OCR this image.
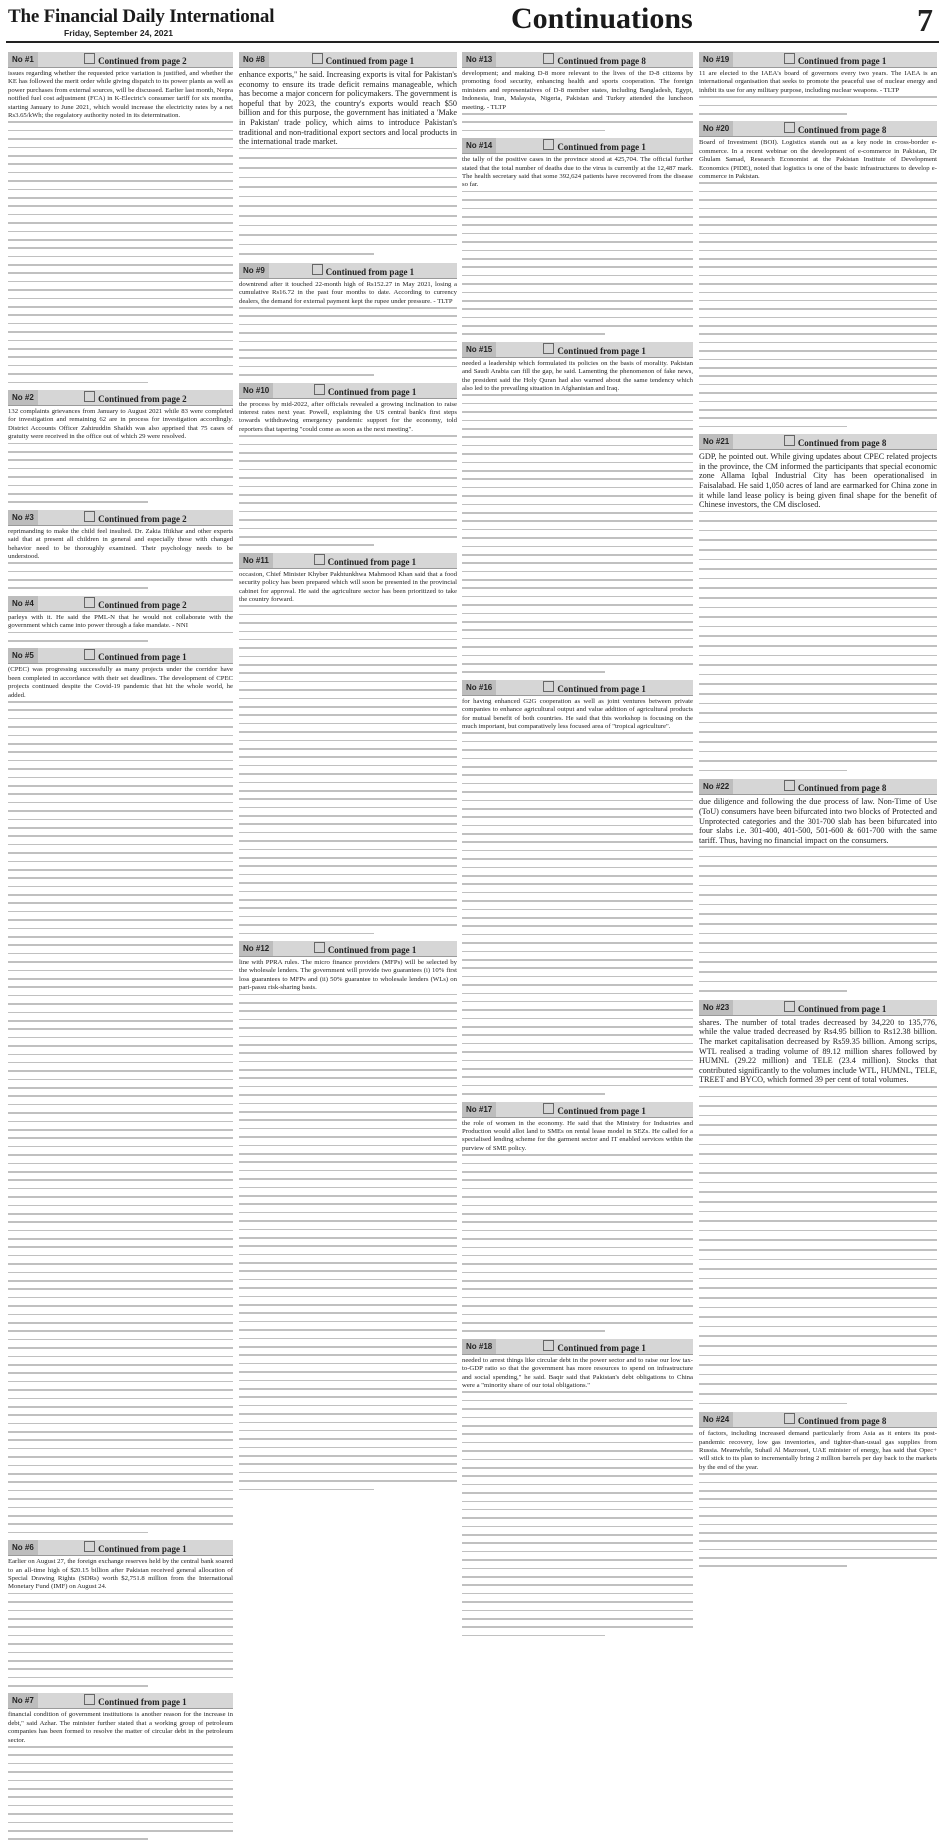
The Financial Daily International
Friday, September 24, 2021	Continuations	7
No #1	Continued from page 2
issues regarding whether the requested price variation is justified, and whether the KE has followed the merit order while giving dispatch to its power plants as well as power purchases from external sources, will be discussed. Earlier last month, Nepra notified fuel cost adjustment (FCA) in K-Electric's consumer tariff for six months, starting January to June 2021, which would increase the electricity rates by a net Rs3.65/kWh; the regulatory authority noted in its determination.
No #2	Continued from page 2
132 complaints grievances from January to August 2021 while 83 were completed for investigation and remaining 62 are in process for investigation accordingly. District Accounts Officer Zahiruddin Shaikh was also apprised that 75 cases of gratuity were received in the office out of which 29 were resolved.
No #3	Continued from page 2
reprimanding to make the child feel insulted. Dr. Zakia Iftikhar and other experts said that at present all children in general and especially those with changed behavior need to be thoroughly examined. Their psychology needs to be understood.
No #4	Continued from page 2
parleys with it. He said the PML-N that he would not collaborate with the government which came into power through a fake mandate. - NNI
No #5	Continued from page 1
(CPEC) was progressing successfully as many projects under the corridor have been completed in accordance with their set deadlines. The development of CPEC projects continued despite the Covid-19 pandemic that hit the whole world, he added.
No #6	Continued from page 1
Earlier on August 27, the foreign exchange reserves held by the central bank soared to an all-time high of $20.15 billion after Pakistan received general allocation of Special Drawing Rights (SDRs) worth $2,751.8 million from the International Monetary Fund (IMF) on August 24.
No #7	Continued from page 1
financial condition of government institutions is another reason for the increase in debt," said Azhar. The minister further stated that a working group of petroleum companies has been formed to resolve the matter of circular debt in the petroleum sector.
No #8	Continued from page 1
enhance exports," he said. Increasing exports is vital for Pakistan's economy to ensure its trade deficit remains manageable, which has become a major concern for policymakers. The government is hopeful that by 2023, the country's exports would reach $50 billion and for this purpose, the government has initiated a 'Make in Pakistan' trade policy, which aims to introduce Pakistan's traditional and non-traditional export sectors and local products in the international trade market.
No #9	Continued from page 1
downtrend after it touched 22-month high of Rs152.27 in May 2021, losing a cumulative Rs16.72 in the past four months to date. According to currency dealers, the demand for external payment kept the rupee under pressure. - TLTP
No #10	Continued from page 1
the process by mid-2022, after officials revealed a growing inclination to raise interest rates next year. Powell, explaining the US central bank's first steps towards withdrawing emergency pandemic support for the economy, told reporters that tapering "could come as soon as the next meeting".
No #11	Continued from page 1
occasion, Chief Minister Khyber Pakhtunkhwa Mahmood Khan said that a food security policy has been prepared which will soon be presented in the provincial cabinet for approval. He said the agriculture sector has been prioritized to take the country forward.
No #12	Continued from page 1
line with PPRA rules. The micro finance providers (MFPs) will be selected by the wholesale lenders. The government will provide two guarantees (i) 10% first loss guarantees to MFPs and (ii) 50% guarantee to wholesale lenders (WLs) on pari-passu risk-sharing basis.
No #13	Continued from page 8
development; and making D-8 more relevant to the lives of the D-8 citizens by promoting food security, enhancing health and sports cooperation. The foreign ministers and representatives of D-8 member states, including Bangladesh, Egypt, Indonesia, Iran, Malaysia, Nigeria, Pakistan and Turkey attended the luncheon meeting. - TLTP
No #14	Continued from page 1
the tally of the positive cases in the province stood at 425,704. The official further stated that the total number of deaths due to the virus is currently at the 12,487 mark. The health secretary said that some 392,624 patients have recovered from the disease so far.
No #15	Continued from page 1
needed a leadership which formulated its policies on the basis of morality. Pakistan and Saudi Arabia can fill the gap, he said. Lamenting the phenomenon of fake news, the president said the Holy Quran had also warned about the same tendency which also led to the prevailing situation in Afghanistan and Iraq.
No #16	Continued from page 1
for having enhanced G2G cooperation as well as joint ventures between private companies to enhance agricultural output and value addition of agricultural products for mutual benefit of both countries. He said that this workshop is focusing on the much important, but comparatively less focused area of "tropical agriculture".
No #17	Continued from page 1
the role of women in the economy. He said that the Ministry for Industries and Production would allot land to SMEs on rental lease model in SEZs. He called for a specialised lending scheme for the garment sector and IT enabled services within the purview of SME policy.
No #18	Continued from page 1
needed to arrest things like circular debt in the power sector and to raise our low tax-to-GDP ratio so that the government has more resources to spend on infrastructure and social spending," he said. Baqir said that Pakistan's debt obligations to China were a "minority share of our total obligations."
No #19	Continued from page 1
11 are elected to the IAEA's board of governors every two years. The IAEA is an international organisation that seeks to promote the peaceful use of nuclear energy and inhibit its use for any military purpose, including nuclear weapons. - TLTP
No #20	Continued from page 8
Board of Investment (BOI). Logistics stands out as a key node in cross-border e-commerce. In a recent webinar on the development of e-commerce in Pakistan, Dr Ghulam Samad, Research Economist at the Pakistan Institute of Development Economics (PIDE), noted that logistics is one of the basic infrastructures to develop e-commerce in Pakistan.
No #21	Continued from page 8
GDP, he pointed out. While giving updates about CPEC related projects in the province, the CM informed the participants that special economic zone Allama Iqbal Industrial City has been operationalised in Faisalabad. He said 1,050 acres of land are earmarked for China zone in it while land lease policy is being given final shape for the benefit of Chinese investors, the CM disclosed.
No #22	Continued from page 8
due diligence and following the due process of law. Non-Time of Use (ToU) consumers have been bifurcated into two blocks of Protected and Unprotected categories and the 301-700 slab has been bifurcated into four slabs i.e. 301-400, 401-500, 501-600 & 601-700 with the same tariff. Thus, having no financial impact on the consumers.
No #23	Continued from page 1
shares. The number of total trades decreased by 34,220 to 135,776, while the value traded decreased by Rs4.95 billion to Rs12.38 billion. The market capitalisation decreased by Rs59.35 billion. Among scrips, WTL realised a trading volume of 89.12 million shares followed by HUMNL (29.22 million) and TELE (23.4 million). Stocks that contributed significantly to the volumes include WTL, HUMNL, TELE, TREET and BYCO, which formed 39 per cent of total volumes.
No #24	Continued from page 8
of factors, including increased demand particularly from Asia as it enters its post-pandemic recovery, low gas inventories, and tighter-than-usual gas supplies from Russia. Meanwhile, Suhail Al Mazrouei, UAE minister of energy, has said that Opec+ will stick to its plan to incrementally bring 2 million barrels per day back to the markets by the end of the year.
